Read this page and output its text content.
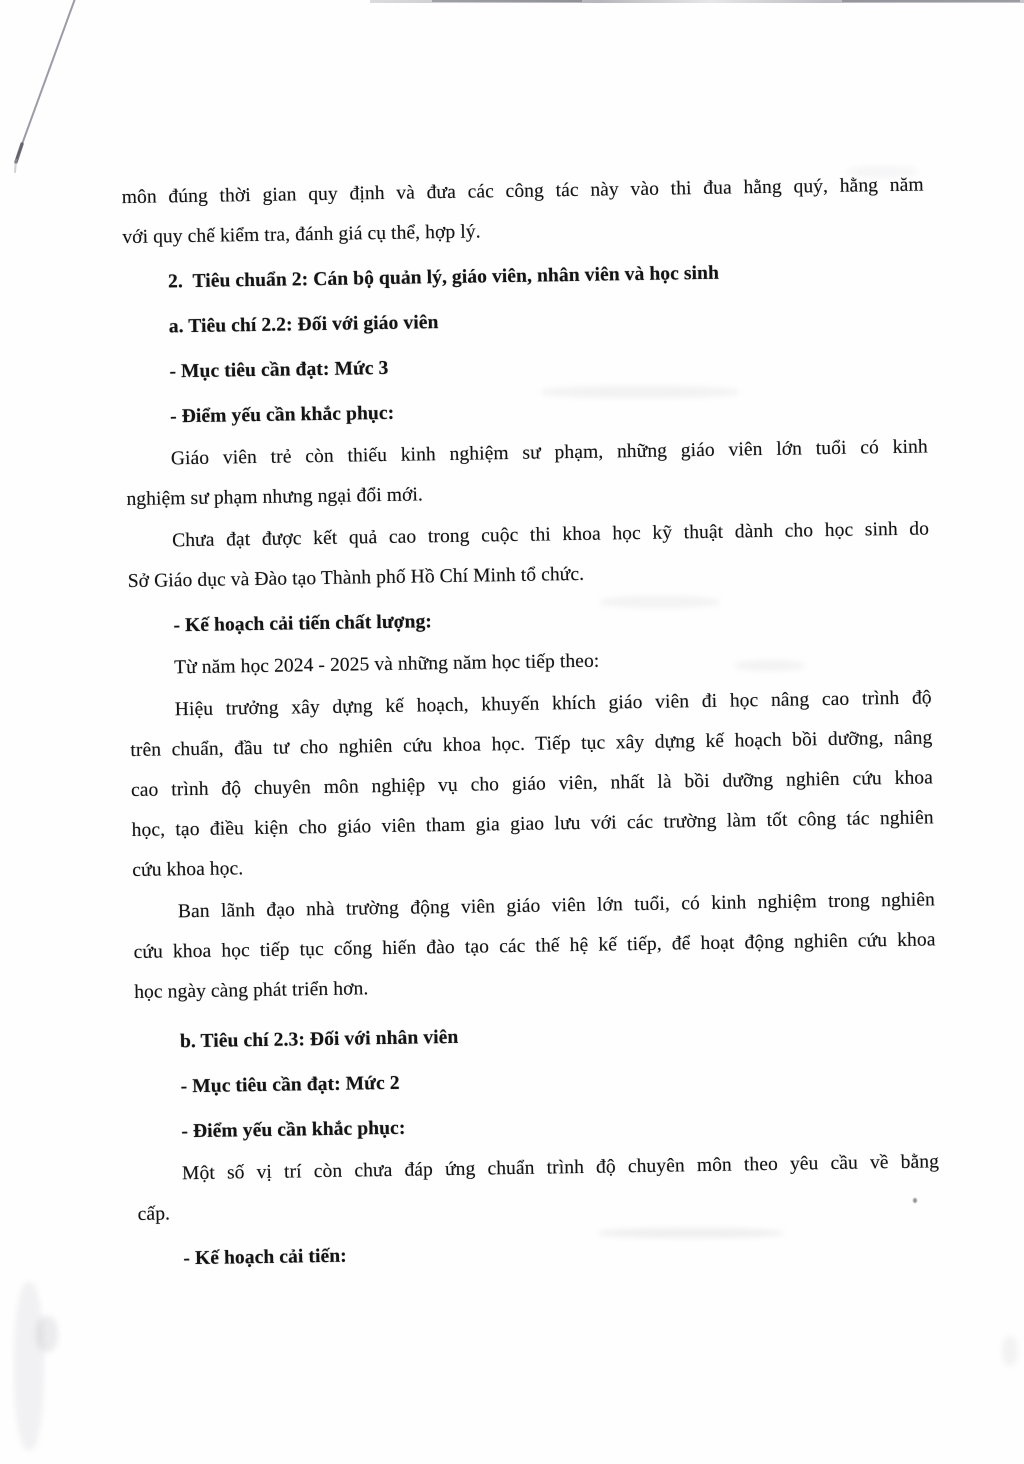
môn đúng thời gian quy định và đưa các công tác này vào thi đua hằng quý, hằng năm
với quy chế kiểm tra, đánh giá cụ thể, hợp lý.
2.  Tiêu chuẩn 2: Cán bộ quản lý, giáo viên, nhân viên và học sinh
a. Tiêu chí 2.2: Đối với giáo viên
- Mục tiêu cần đạt: Mức 3
- Điểm yếu cần khắc phục:
Giáo viên trẻ còn thiếu kinh nghiệm sư phạm, những giáo viên lớn tuổi có kinh
nghiệm sư phạm nhưng ngại đổi mới.
Chưa đạt được kết quả cao trong cuộc thi khoa học kỹ thuật dành cho học sinh do
Sở Giáo dục và Đào tạo Thành phố Hồ Chí Minh tổ chức.
- Kế hoạch cải tiến chất lượng:
Từ năm học 2024 - 2025 và những năm học tiếp theo:
Hiệu trưởng xây dựng kế hoạch, khuyến khích giáo viên đi học nâng cao trình độ
trên chuẩn, đầu tư cho nghiên cứu khoa học. Tiếp tục xây dựng kế hoạch bồi dưỡng, nâng
cao trình độ chuyên môn nghiệp vụ cho giáo viên, nhất là bồi dưỡng nghiên cứu khoa
học, tạo điều kiện cho giáo viên tham gia giao lưu với các trường làm tốt công tác nghiên
cứu khoa học.
Ban lãnh đạo nhà trường động viên giáo viên lớn tuổi, có kinh nghiệm trong nghiên
cứu khoa học tiếp tục cống hiến đào tạo các thế hệ kế tiếp, để hoạt động nghiên cứu khoa
học ngày càng phát triển hơn.
b. Tiêu chí 2.3: Đối với nhân viên
- Mục tiêu cần đạt: Mức 2
- Điểm yếu cần khắc phục:
Một số vị trí còn chưa đáp ứng chuẩn trình độ chuyên môn theo yêu cầu về bằng
cấp.
- Kế hoạch cải tiến:
